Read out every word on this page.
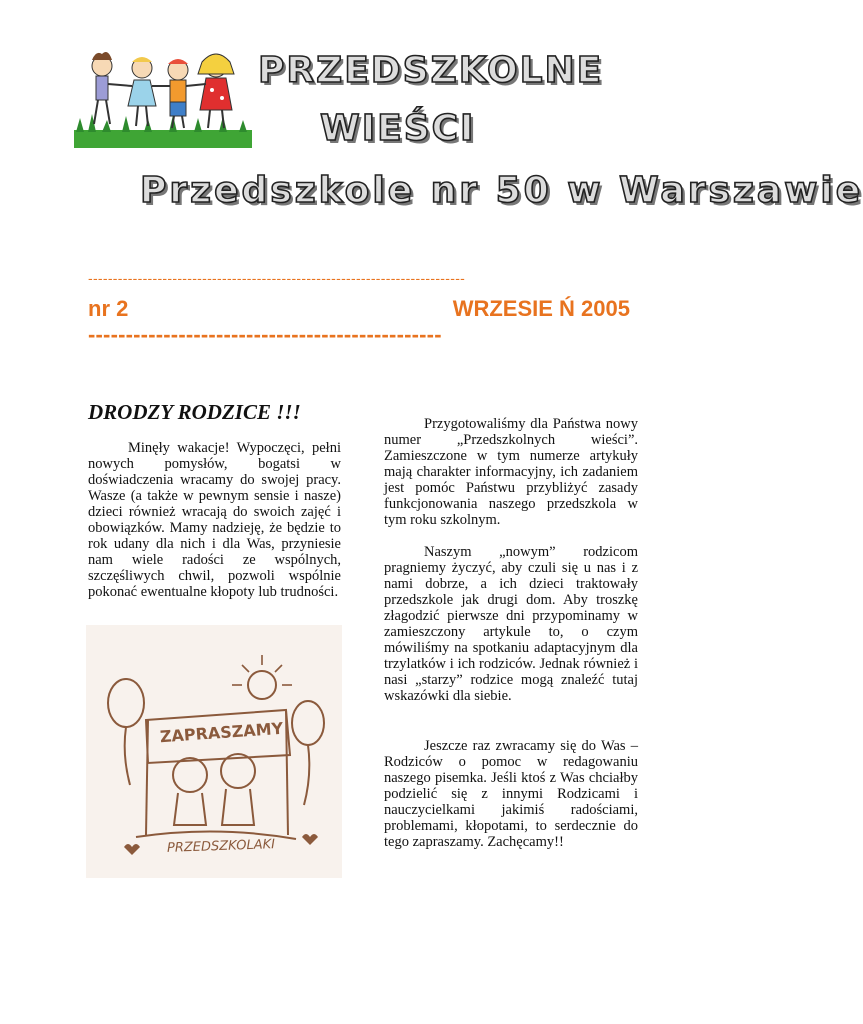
PRZEDSZKOLNE
WIEŚCI
Przedszkole nr 50 w Warszawie
----------------------------------------------------------------------------
nr 2	WRZESIE Ń 2005
-----------------------------------------------
DRODZY RODZICE !!!

Minęły wakacje! Wypoczęci, pełni nowych pomysłów, bogatsi w doświadczenia wracamy do swojej pracy. Wasze (a także w pewnym sensie i nasze) dzieci również wracają do swoich zajęć i obowiązków. Mamy nadzieję, że będzie to rok udany dla nich i dla Was, przyniesie nam wiele radości ze wspólnych, szczęśliwych chwil, pozwoli wspólnie pokonać ewentualne kłopoty lub trudności.

ZAPRASZAMY
PRZEDSZKOLAKI

Przygotowaliśmy dla Państwa nowy numer „Przedszkolnych wieści”. Zamieszczone w tym numerze artykuły mają charakter informacyjny, ich zadaniem jest pomóc Państwu przybliżyć zasady funkcjonowania naszego przedszkola w tym roku szkolnym.

Naszym „nowym” rodzicom pragniemy życzyć, aby czuli się u nas i z nami dobrze, a ich dzieci traktowały przedszkole jak drugi dom. Aby troszkę złagodzić pierwsze dni przypominamy w zamieszczony artykule to, o czym mówiliśmy na spotkaniu adaptacyjnym dla trzylatków i ich rodziców. Jednak również i nasi „starzy” rodzice mogą znaleźć tutaj wskazówki dla siebie.

Jeszcze raz zwracamy się do Was – Rodziców o pomoc w redagowaniu naszego pisemka. Jeśli ktoś z Was chciałby podzielić się z innymi Rodzicami i nauczycielkami jakimiś radościami, problemami, kłopotami, to serdecznie do tego zapraszamy. Zachęcamy!!
